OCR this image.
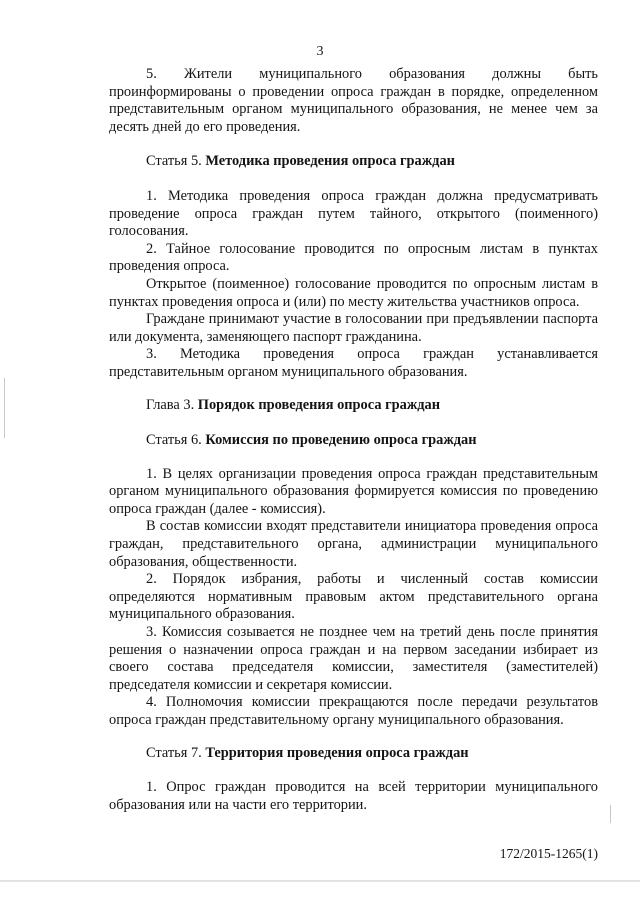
3

5. Жители муниципального образования должны быть проинформированы о проведении опроса граждан в порядке, определенном представительным органом муниципального образования, не менее чем за десять дней до его проведения.

Статья 5. Методика проведения опроса граждан

1. Методика проведения опроса граждан должна предусматривать проведение опроса граждан путем тайного, открытого (поименного) голосования.

2. Тайное голосование проводится по опросным листам в пунктах проведения опроса.

Открытое (поименное) голосование проводится по опросным листам в пунктах проведения опроса и (или) по месту жительства участников опроса.

Граждане принимают участие в голосовании при предъявлении паспорта или документа, заменяющего паспорт гражданина.

3. Методика проведения опроса граждан устанавливается представительным органом муниципального образования.

Глава 3. Порядок проведения опроса граждан

Статья 6. Комиссия по проведению опроса граждан

1. В целях организации проведения опроса граждан представительным органом муниципального образования формируется комиссия по проведению опроса граждан (далее - комиссия).

В состав комиссии входят представители инициатора проведения опроса граждан, представительного органа, администрации муниципального образования, общественности.

2. Порядок избрания, работы и численный состав комиссии определяются нормативным правовым актом представительного органа муниципального образования.

3. Комиссия созывается не позднее чем на третий день после принятия решения о назначении опроса граждан и на первом заседании избирает из своего состава председателя комиссии, заместителя (заместителей) председателя комиссии и секретаря комиссии.

4. Полномочия комиссии прекращаются после передачи результатов опроса граждан представительному органу муниципального образования.

Статья 7. Территория проведения опроса граждан

1. Опрос граждан проводится на всей территории муниципального образования или на части его территории.

172/2015-1265(1)
